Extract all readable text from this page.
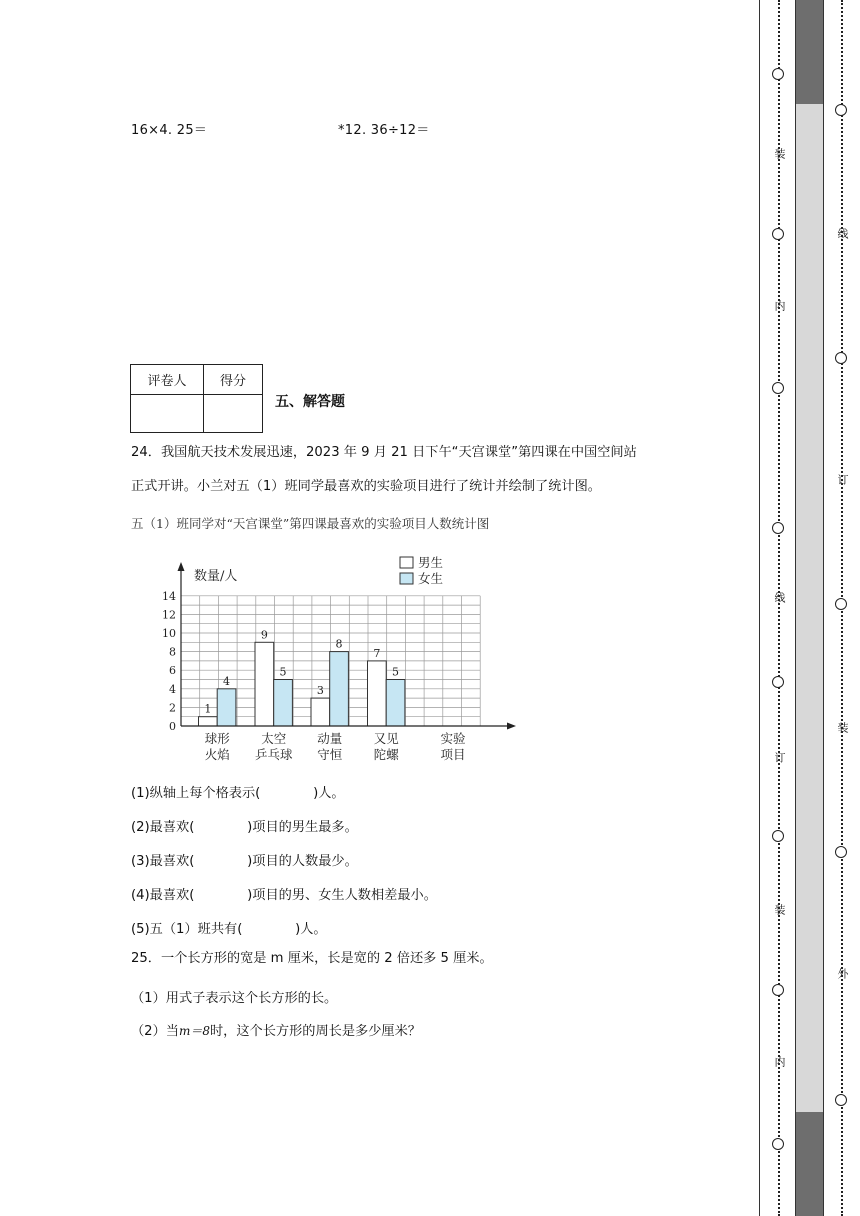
16×4. 25＝	*12. 36÷12＝
评卷人	得分

五、解答题
24．我国航天技术发展迅速，2023 年 9 月 21 日下午“天宫课堂”第四课在中国空间站
正式开讲。小兰对五（1）班同学最喜欢的实验项目进行了统计并绘制了统计图。
五（1）班同学对“天宫课堂”第四课最喜欢的实验项目人数统计图
0
2
4
6
8
10
12
14
1
4
球形
火焰
9
5
太空
乒乓球
3
8
动量
守恒
7
5
又见
陀螺
实验
项目
数量/人
男生
女生
(1)纵轴上每个格表示(　　　　)人。
(2)最喜欢(　　　　)项目的男生最多。
(3)最喜欢(　　　　)项目的人数最少。
(4)最喜欢(　　　　)项目的男、女生人数相差最小。
(5)五（1）班共有(　　　　)人。
25．一个长方形的宽是 m 厘米，长是宽的 2 倍还多 5 厘米。
（1）用式子表示这个长方形的长。
（2）当m＝8时，这个长方形的周长是多少厘米？
装
内
线
订
装
内
线
订
装
外
